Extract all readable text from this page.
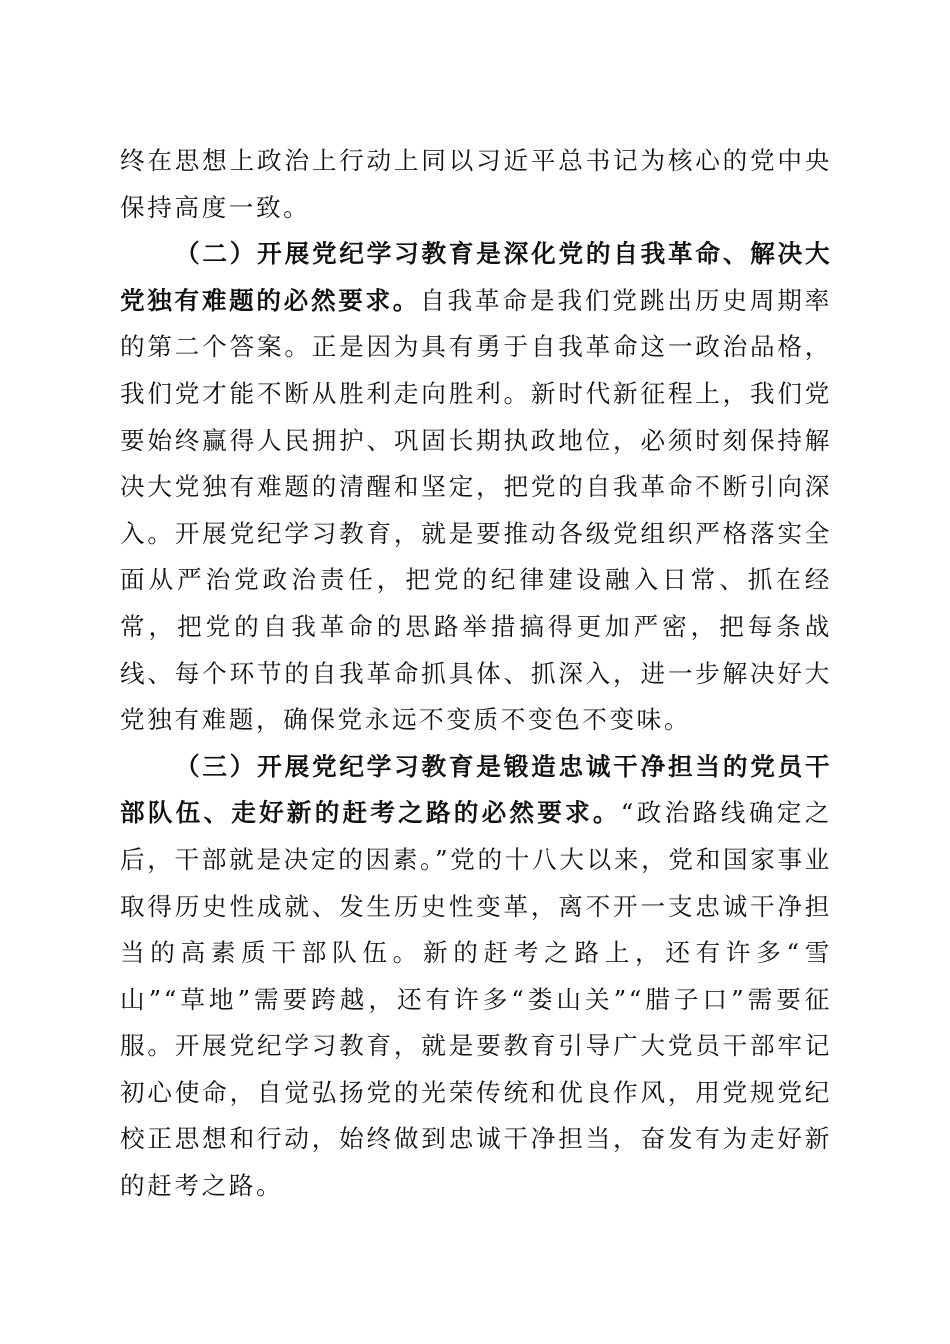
终在思想上政治上行动上同以习近平总书记为核心的党中央保持高度一致。

（二）开展党纪学习教育是深化党的自我革命、解决大党独有难题的必然要求。自我革命是我们党跳出历史周期率的第二个答案。正是因为具有勇于自我革命这一政治品格，我们党才能不断从胜利走向胜利。新时代新征程上，我们党要始终赢得人民拥护、巩固长期执政地位，必须时刻保持解决大党独有难题的清醒和坚定，把党的自我革命不断引向深入。开展党纪学习教育，就是要推动各级党组织严格落实全面从严治党政治责任，把党的纪律建设融入日常、抓在经常，把党的自我革命的思路举措搞得更加严密，把每条战线、每个环节的自我革命抓具体、抓深入，进一步解决好大党独有难题，确保党永远不变质不变色不变味。

（三）开展党纪学习教育是锻造忠诚干净担当的党员干部队伍、走好新的赶考之路的必然要求。“政治路线确定之后，干部就是决定的因素。”党的十八大以来，党和国家事业取得历史性成就、发生历史性变革，离不开一支忠诚干净担当的高素质干部队伍。新的赶考之路上，还有许多“雪山”“草地”需要跨越，还有许多“娄山关”“腊子口”需要征服。开展党纪学习教育，就是要教育引导广大党员干部牢记初心使命，自觉弘扬党的光荣传统和优良作风，用党规党纪校正思想和行动，始终做到忠诚干净担当，奋发有为走好新的赶考之路。
